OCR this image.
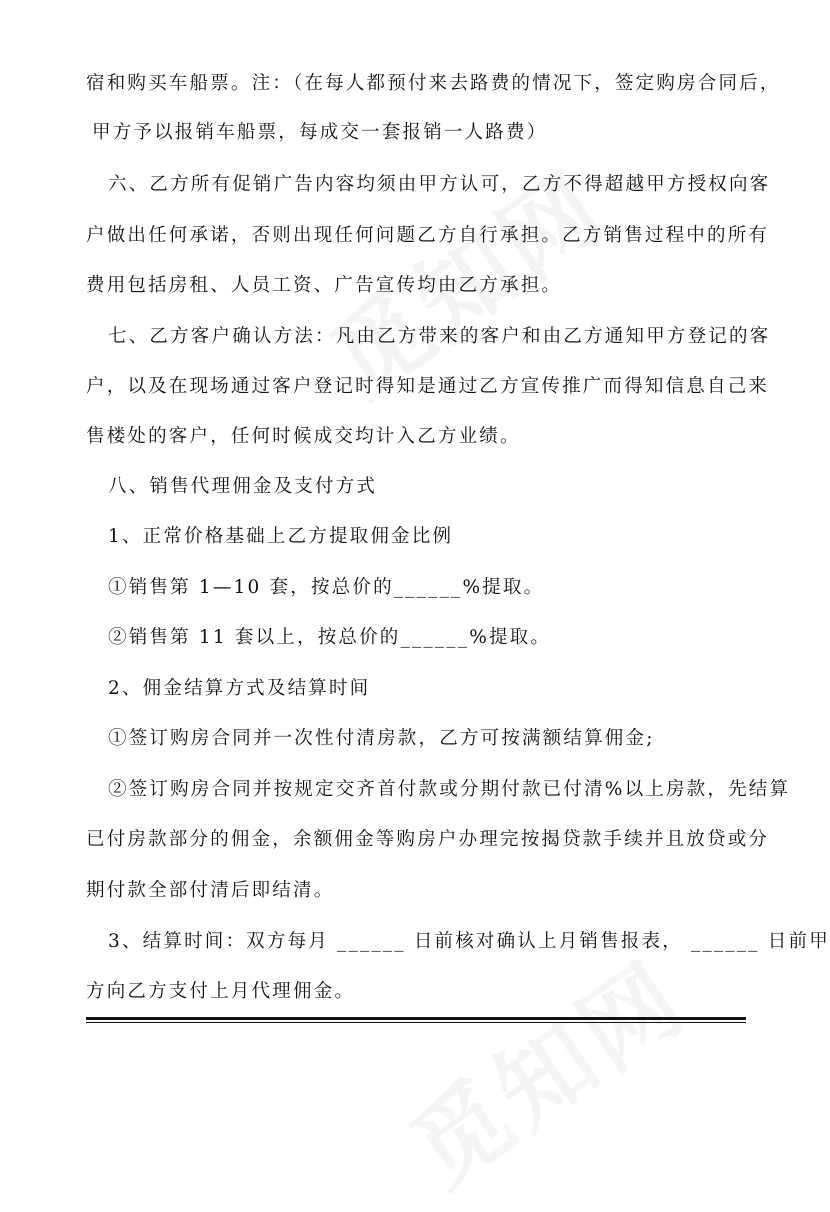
宿和购买车船票。注：（在每人都预付来去路费的情况下，签定购房合同后，
甲方予以报销车船票，每成交一套报销一人路费）
六、乙方所有促销广告内容均须由甲方认可，乙方不得超越甲方授权向客
户做出任何承诺，否则出现任何问题乙方自行承担。乙方销售过程中的所有
费用包括房租、人员工资、广告宣传均由乙方承担。
七、乙方客户确认方法：凡由乙方带来的客户和由乙方通知甲方登记的客
户，以及在现场通过客户登记时得知是通过乙方宣传推广而得知信息自己来
售楼处的客户，任何时候成交均计入乙方业绩。
八、销售代理佣金及支付方式
1、正常价格基础上乙方提取佣金比例
①销售第 1—10 套，按总价的______%提取。
②销售第 11 套以上，按总价的______%提取。
2、佣金结算方式及结算时间
①签订购房合同并一次性付清房款，乙方可按满额结算佣金;
②签订购房合同并按规定交齐首付款或分期付款已付清%以上房款，先结算
已付房款部分的佣金，余额佣金等购房户办理完按揭贷款手续并且放贷或分
期付款全部付清后即结清。
3、结算时间：双方每月 ______ 日前核对确认上月销售报表， ______ 日前甲
方向乙方支付上月代理佣金。
